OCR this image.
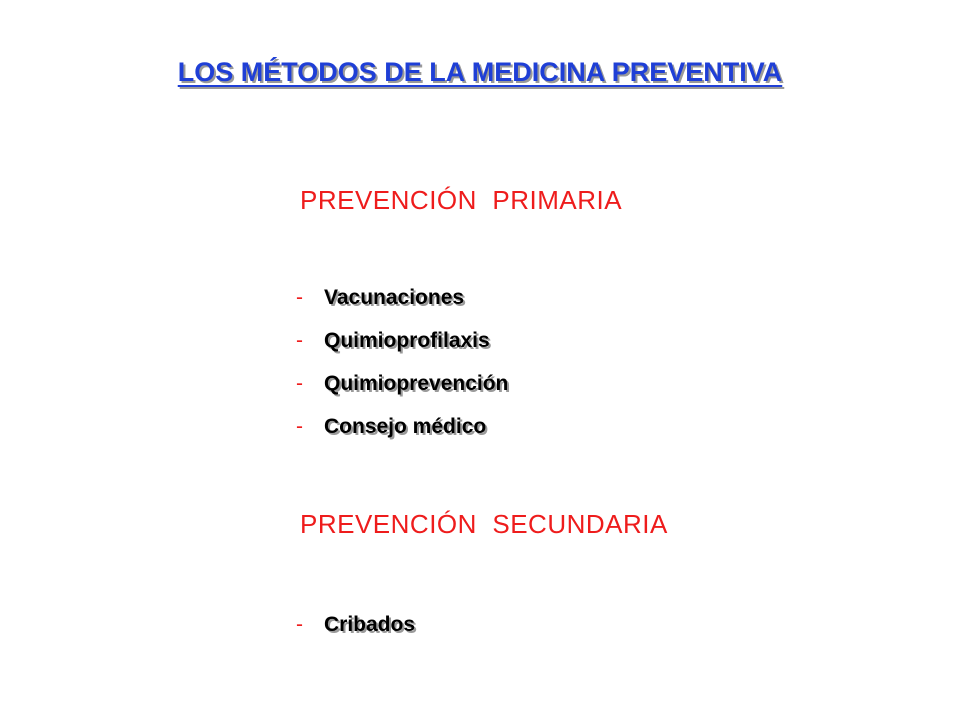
LOS MÉTODOS DE LA MEDICINA PREVENTIVA
PREVENCIÓN  PRIMARIA
-	Vacunaciones
-	Quimioprofilaxis
-	Quimioprevención
-	Consejo médico
PREVENCIÓN  SECUNDARIA
-	Cribados
